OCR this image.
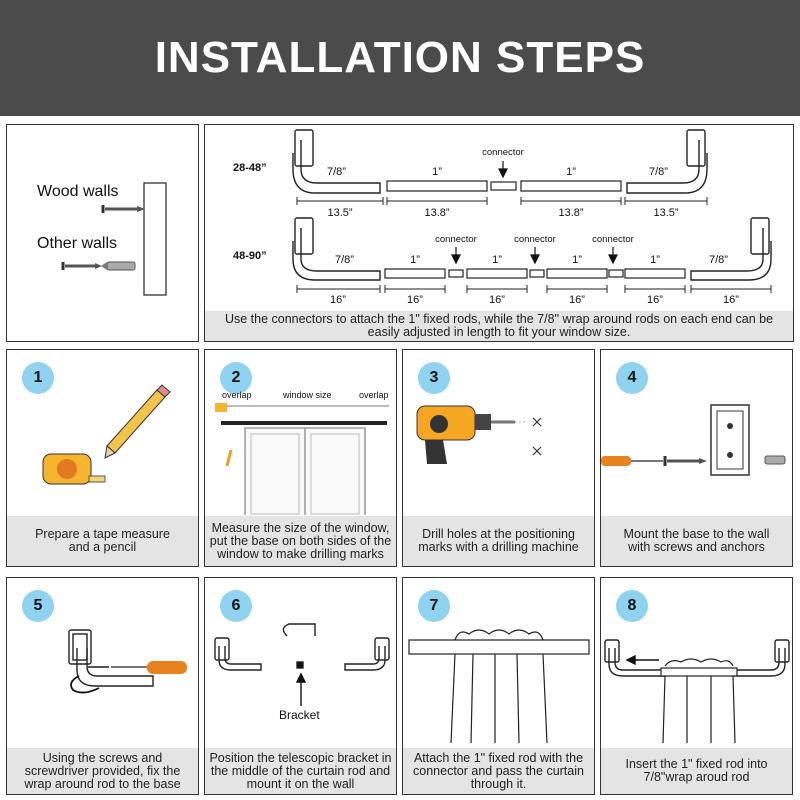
INSTALLATION STEPS
Wood walls
Other walls
28-48”	7/8”	1”
connector
1”	7/8”
13.5”	13.8”	13.8”	13.5”
48-90”	7/8”	1”	1”	1”	1”
connector	connector	connector
7/8”
16”	16”	16”	16”	16”	16”
Use the connectors to attach the 1" fixed rods, while the 7/8" wrap around rods on each end can be easily adjusted in length to fit your window size.
1
Prepare a tape measure and a pencil
2
overlap	window size	overlap
Measure the size of the window, put the base on both sides of the window to make drilling marks
3
Drill holes at the positioning marks with a drilling machine
4
Mount the base to the wall with screws and anchors
5
Using the screws and screwdriver provided, fix the wrap around rod to the base
6
Bracket
Position the telescopic bracket in the middle of the curtain rod and mount it on the wall
7
Attach the 1" fixed rod with the connector and pass the curtain through it.
8
Insert the 1" fixed rod into 7/8"wrap aroud rod
